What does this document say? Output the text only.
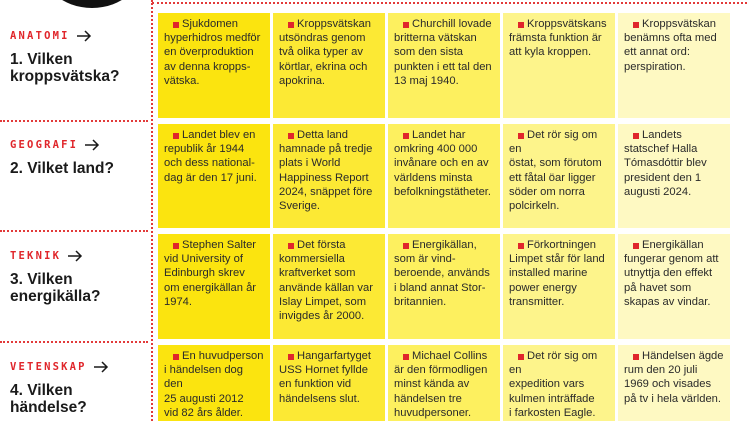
ANATOMI
1. Vilken
kroppsvätska?
Sjukdomen
hyperhidros medför
en överproduktion
av denna kropps-
vätska.
Kroppsvätskan
utsöndras genom
två olika typer av
körtlar, ekrina och
apokrina.
Churchill lovade
britterna vätskan
som den sista
punkten i ett tal den
13 maj 1940.
Kroppsvätskans
främsta funktion är
att kyla kroppen.
Kroppsvätskan
benämns ofta med
ett annat ord:
perspiration.
GEOGRAFI
2. Vilket land?
Landet blev en
republik år 1944
och dess national-
dag är den 17 juni.
Detta land
hamnade på tredje
plats i World
Happiness Report
2024, snäppet före
Sverige.
Landet har
omkring 400 000
invånare och en av
världens minsta
befolkningstätheter.
Det rör sig om en
östat, som förutom
ett fåtal öar ligger
söder om norra
polcirkeln.
Landets
statschef Halla
Tómasdóttir blev
president den 1
augusti 2024.
TEKNIK
3. Vilken
energikälla?
Stephen Salter
vid University of
Edinburgh skrev
om energikällan år
1974.
Det första
kommersiella
kraftverket som
använde källan var
Islay Limpet, som
invigdes år 2000.
Energikällan,
som är vind-
beroende, används
i bland annat Stor-
britannien.
Förkortningen
Limpet står för land
installed marine
power energy
transmitter.
Energikällan
fungerar genom att
utnyttja den effekt
på havet som
skapas av vindar.
VETENSKAP
4. Vilken
händelse?
En huvudperson
i händelsen dog den
25 augusti 2012
vid 82 års ålder.
Hangarfartyget
USS Hornet fyllde
en funktion vid
händelsens slut.
Michael Collins
är den förmodligen
minst kända av
händelsen tre
huvudpersoner.
Det rör sig om en
expedition vars
kulmen inträffade
i farkosten Eagle.
Händelsen ägde
rum den 20 juli
1969 och visades
på tv i hela världen.
